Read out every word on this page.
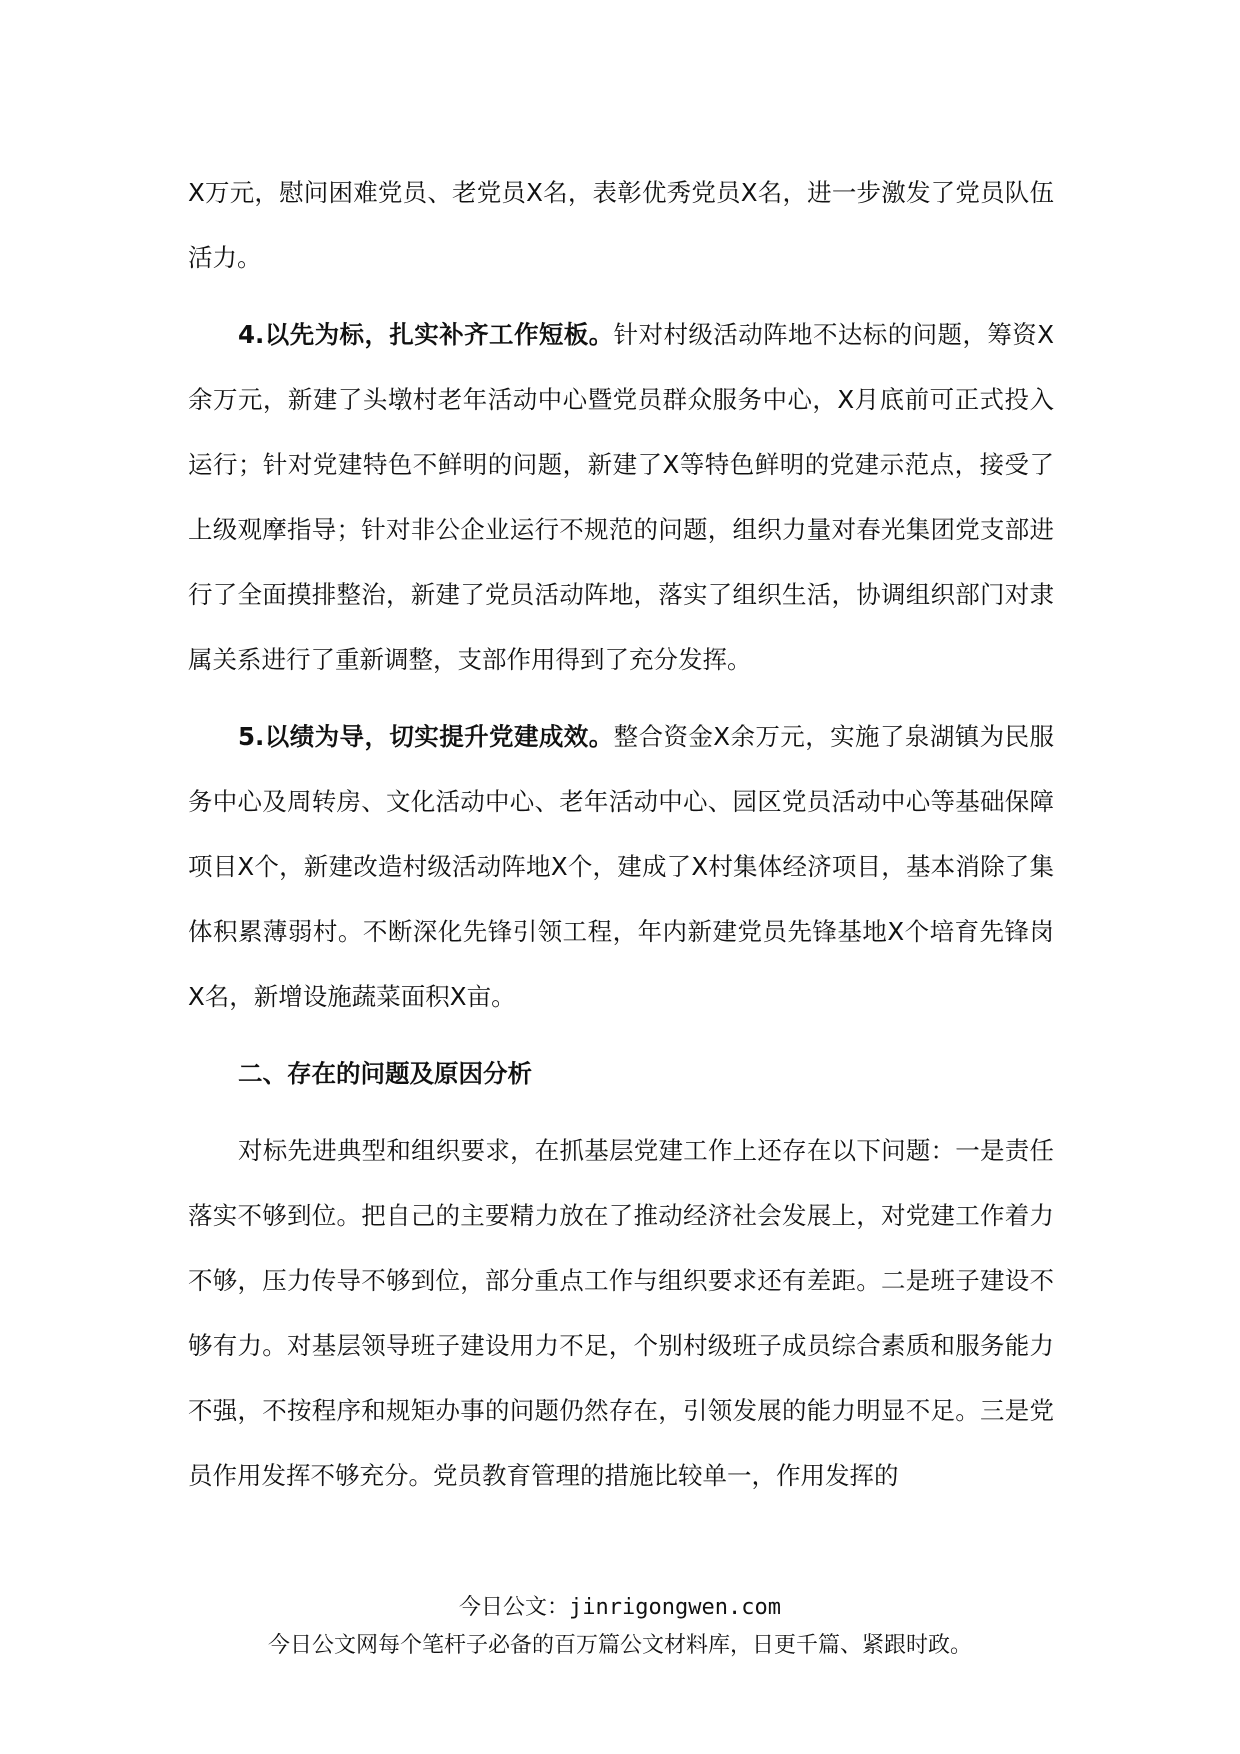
X万元，慰问困难党员、老党员X名，表彰优秀党员X名，进一步激发了党员队伍活力。

4.以先为标，扎实补齐工作短板。针对村级活动阵地不达标的问题，筹资X余万元，新建了头墩村老年活动中心暨党员群众服务中心，X月底前可正式投入运行；针对党建特色不鲜明的问题，新建了X等特色鲜明的党建示范点，接受了上级观摩指导；针对非公企业运行不规范的问题，组织力量对春光集团党支部进行了全面摸排整治，新建了党员活动阵地，落实了组织生活，协调组织部门对隶属关系进行了重新调整，支部作用得到了充分发挥。

5.以绩为导，切实提升党建成效。整合资金X余万元，实施了泉湖镇为民服务中心及周转房、文化活动中心、老年活动中心、园区党员活动中心等基础保障项目X个，新建改造村级活动阵地X个，建成了X村集体经济项目，基本消除了集体积累薄弱村。不断深化先锋引领工程，年内新建党员先锋基地X个培育先锋岗X名，新增设施蔬菜面积X亩。

二、存在的问题及原因分析

对标先进典型和组织要求，在抓基层党建工作上还存在以下问题：一是责任落实不够到位。把自己的主要精力放在了推动经济社会发展上，对党建工作着力不够，压力传导不够到位，部分重点工作与组织要求还有差距。二是班子建设不够有力。对基层领导班子建设用力不足，个别村级班子成员综合素质和服务能力不强，不按程序和规矩办事的问题仍然存在，引领发展的能力明显不足。三是党员作用发挥不够充分。党员教育管理的措施比较单一，作用发挥的

今日公文：jinrigongwen.com
今日公文网每个笔杆子必备的百万篇公文材料库，日更千篇、紧跟时政。
